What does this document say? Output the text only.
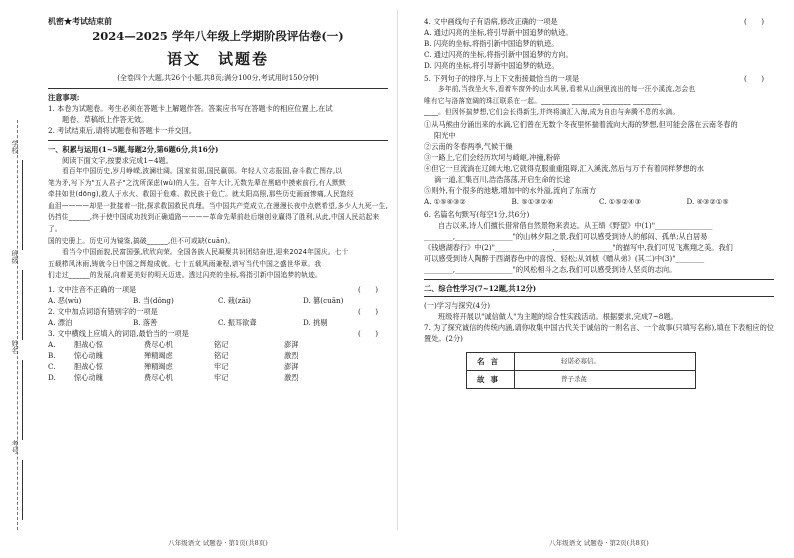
学校
班级
姓名
考号
机密★考试结束前
2024—2025 学年八年级上学期阶段评估卷(一)
语文　试题卷
(全卷四个大题,共26个小题,共8页;满分100分,考试用时150分钟)
注意事项:
1. 本卷为试题卷。考生必须在答题卡上解题作答。答案应书写在答题卡的相应位置上,在试
题卷、草稿纸上作答无效。
2. 考试结束后,请将试题卷和答题卡一并交回。
一、积累与运用(1~5题,每题2分,第6题6分,共16分)
阅读下面文字,按要求完成1~4题。
看百年中国历史,岁月峥嵘,波澜壮阔。国家贫弱,国民羸弱。年轻人立志报国,奋斗救亡图存,以
笔为矛,写下为"五人君子"之沈所深虑(wù)的人生。百年大计,无数先辈在黑暗中摸索前行,有人默默
牵挂如世(dōng),救人于水火、救国于危难、救民族于危亡。就太阳高照,那些历史画面惨痛,人民饱经
血泪————却是一批接着一批,探求救国救民真理。当中国共产党成立,在漫漫长夜中点燃希望,多少人九死一生,
仍挡住______,终于使中国成功找到正确道路————革命先辈前赴后继创业赢得了胜利,从此,中国人民站起来了。
国的史册上。历史可为镜鉴,搞破______,但不可或缺(cuān)。
看当今中国面貌,民富国强,欣欣向荣。全国各族人民凝聚共识团结奋进,迎来2024年国庆。七十
五载栉风沐雨,铸就今日中国之辉煌成就。七十五载风雨兼程,谱写当代中国之盛世华章。我
们走过______的发展,向着更美好的明天迈进。透过闪亮的坐标,将指引新中国追梦的轨迹。
1. 文中注音不正确的一项是	(　　)
A. 恶(wù)	B. 当(dōng)	C. 栽(zāi)	D. 篡(cuān)
2. 文中加点词语有错别字的一项是	(　　)
A. 漂泊	B. 落善	C. 振耳欲聋	D. 挑剔
3. 文中横线上应填入的词语,最恰当的一项是	(　　)
A.	胆战心惊	费尽心机	铭记	澎湃
B.	惊心动魄	殚精竭虑	铭记	激烈
C.	胆战心惊	殚精竭虑	牢记	澎湃
D.	惊心动魄	费尽心机	牢记	激烈
八年级语文 试题卷 · 第1页(共8页)
4. 文中画线句子有语病,修改正确的一项是	(　　)
A. 通过闪亮的坐标,将引导新中国追梦的轨迹。
B. 闪亮的坐标,将指引新中国追梦的轨迹。
C. 通过闪亮的坐标,将指引新中国追梦的方向。
D. 闪亮的坐标,将引导新中国追梦的轨迹。
5. 下列句子的排序,与上下文衔接最恰当的一项是	(　　)
多年前,当我坐火车,看着车窗外的山水风景,看着从山涧里流出的每一汪小溪流,怎会也
唯有它与洛落宽阔的珠江联系在一起。________ ________ ________ ________
____。但因怀揣梦想,它们会长得新生,并终将滴汇入海,成为自由与奔腾不息的水滴。
①从马熊由分涌出来的水滴,它们曾在无数个冬夜里怀揣着流向大海的梦想,但可能会落在云南冬春的
阳光中
②云南的冬春两季,气候干燥
③一路上,它们会经历坎坷与崎岖,冲撞,粉碎
④但它一旦流淌在辽阔大地,它就得克服重重阻碍,汇入溪流,然后与万千有着同样梦想的水
滴一道,汇集百川,浩浩荡荡,开启生命的长途
⑤则外,有个很多的池塘,增加中的水外溢,流向了东南方
A. ①⑤④③②	B. ⑤①③②④	C. ①⑤②④③	D. ④③②①⑤
6. 名篇名句默写(每空1分,共6分)
自古以来,诗人们擅长借常借自然景物来表达。从王绩《野望》中(1)"________________
________,________________"的山林夕阳之景,我们可以感受到诗人的郁闷、孤单;从白居易
《钱塘湖春行》中(2)"________________,________________"的描写中,我们可见飞燕翔之美。我们
可以感受到诗人陶醉于西湖春色中的喜悦、轻松;从刘桢《赠从弟》(其二)中(3)"________
________,________________"的风松相斗之态,我们可以感受到诗人坚贞的志向。
二、综合性学习(7~12题,共12分)
(一)学习与探究(4分)
班级将开展以"诚信做人"为主题的综合性实践活动。根据要求,完成7~8题。
7. 为了探究诚信的传统内涵,请你收集中国古代关于诚信的一则名言、一个故事(只填写名称),填在下表相应的位置处。(2分)
名言	轻诺必寡信。
故事	曾子杀彘
八年级语文 试题卷 · 第2页(共8页)
